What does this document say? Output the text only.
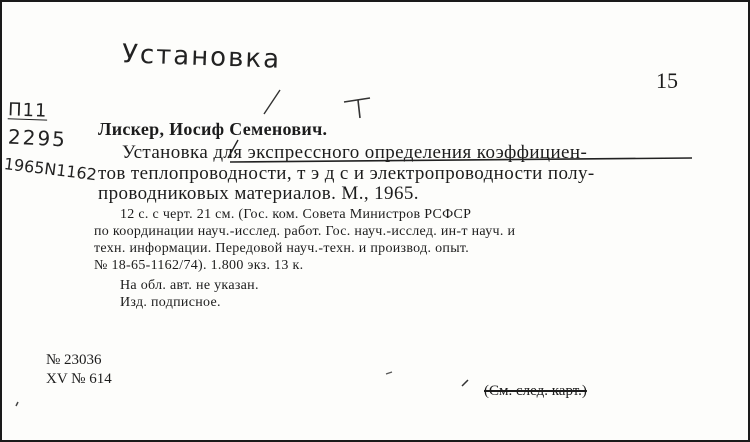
Установка
П11
2295
1965N1162
15
Лискер, Иосиф Семенович.
Установка для экспрессного определения коэффициен-
тов теплопроводности, т э д с и электропроводности полу-
проводниковых материалов. М., 1965.
12 с. с черт. 21 см. (Гос. ком. Совета Министров РСФСР
по координации науч.-исслед. работ. Гос. науч.-исслед. ин-т науч. и
техн. информации. Передовой науч.-техн. и производ. опыт.
№ 18-65-1162/74). 1.800 экз. 13 к.
На обл. авт. не указан.
Изд. подписное.
№ 23036
XV № 614
(См. след. карт.)
